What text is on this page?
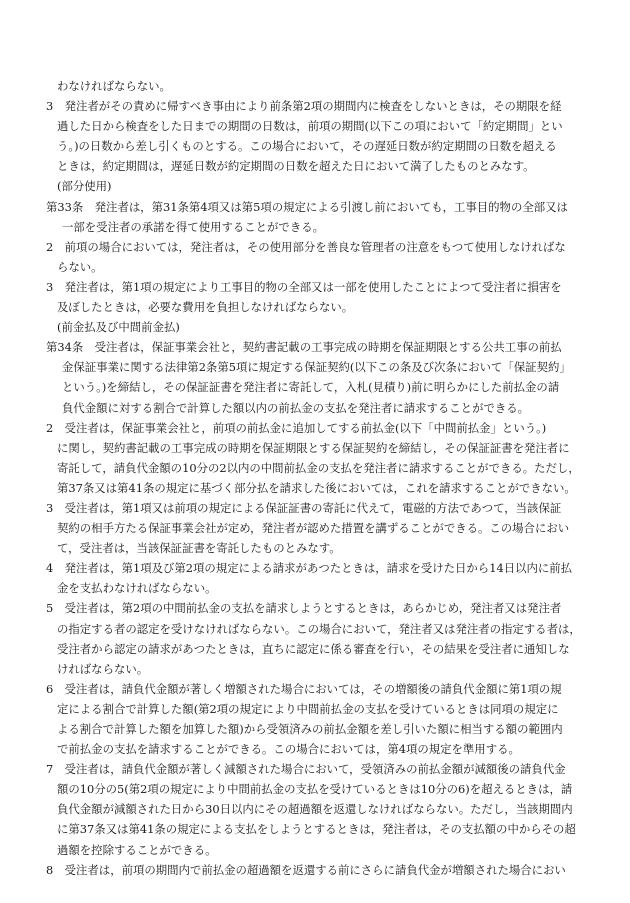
わなければならない。
3　発注者がその責めに帰すべき事由により前条第2項の期間内に検査をしないときは，その期限を経
過した日から検査をした日までの期間の日数は，前項の期間(以下この項において「約定期間」とい
う。)の日数から差し引くものとする。この場合において，その遅延日数が約定期間の日数を超える
ときは，約定期間は，遅延日数が約定期間の日数を超えた日において満了したものとみなす。
(部分使用)
第33条　発注者は，第31条第4項又は第5項の規定による引渡し前においても，工事目的物の全部又は
一部を受注者の承諾を得て使用することができる。
2　前項の場合においては，発注者は，その使用部分を善良な管理者の注意をもつて使用しなければな
らない。
3　発注者は，第1項の規定により工事目的物の全部又は一部を使用したことによつて受注者に損害を
及ぼしたときは，必要な費用を負担しなければならない。
(前金払及び中間前金払)
第34条　受注者は，保証事業会社と，契約書記載の工事完成の時期を保証期限とする公共工事の前払
金保証事業に関する法律第2条第5項に規定する保証契約(以下この条及び次条において「保証契約」
という。)を締結し，その保証証書を発注者に寄託して，入札(見積り)前に明らかにした前払金の請
負代金額に対する割合で計算した額以内の前払金の支払を発注者に請求することができる。
2　受注者は，保証事業会社と，前項の前払金に追加してする前払金(以下「中間前払金」という。)
に関し，契約書記載の工事完成の時期を保証期限とする保証契約を締結し，その保証証書を発注者に
寄託して，請負代金額の10分の2以内の中間前払金の支払を発注者に請求することができる。ただし，
第37条又は第41条の規定に基づく部分払を請求した後においては，これを請求することができない。
3　受注者は，第1項又は前項の規定による保証証書の寄託に代えて，電磁的方法であつて，当該保証
契約の相手方たる保証事業会社が定め，発注者が認めた措置を講ずることができる。この場合におい
て，受注者は，当該保証証書を寄託したものとみなす。
4　発注者は，第1項及び第2項の規定による請求があつたときは，請求を受けた日から14日以内に前払
金を支払わなければならない。
5　受注者は，第2項の中間前払金の支払を請求しようとするときは，あらかじめ，発注者又は発注者
の指定する者の認定を受けなければならない。この場合において，発注者又は発注者の指定する者は，
受注者から認定の請求があつたときは，直ちに認定に係る審査を行い，その結果を受注者に通知しな
ければならない。
6　受注者は，請負代金額が著しく増額された場合においては，その増額後の請負代金額に第1項の規
定による割合で計算した額(第2項の規定により中間前払金の支払を受けているときは同項の規定に
よる割合で計算した額を加算した額)から受領済みの前払金額を差し引いた額に相当する額の範囲内
で前払金の支払を請求することができる。この場合においては，第4項の規定を準用する。
7　受注者は，請負代金額が著しく減額された場合において，受領済みの前払金額が減額後の請負代金
額の10分の5(第2項の規定により中間前払金の支払を受けているときは10分の6)を超えるときは，請
負代金額が減額された日から30日以内にその超過額を返還しなければならない。ただし，当該期間内
に第37条又は第41条の規定による支払をしようとするときは，発注者は，その支払額の中からその超
過額を控除することができる。
8　受注者は，前項の期間内で前払金の超過額を返還する前にさらに請負代金が増額された場合におい
